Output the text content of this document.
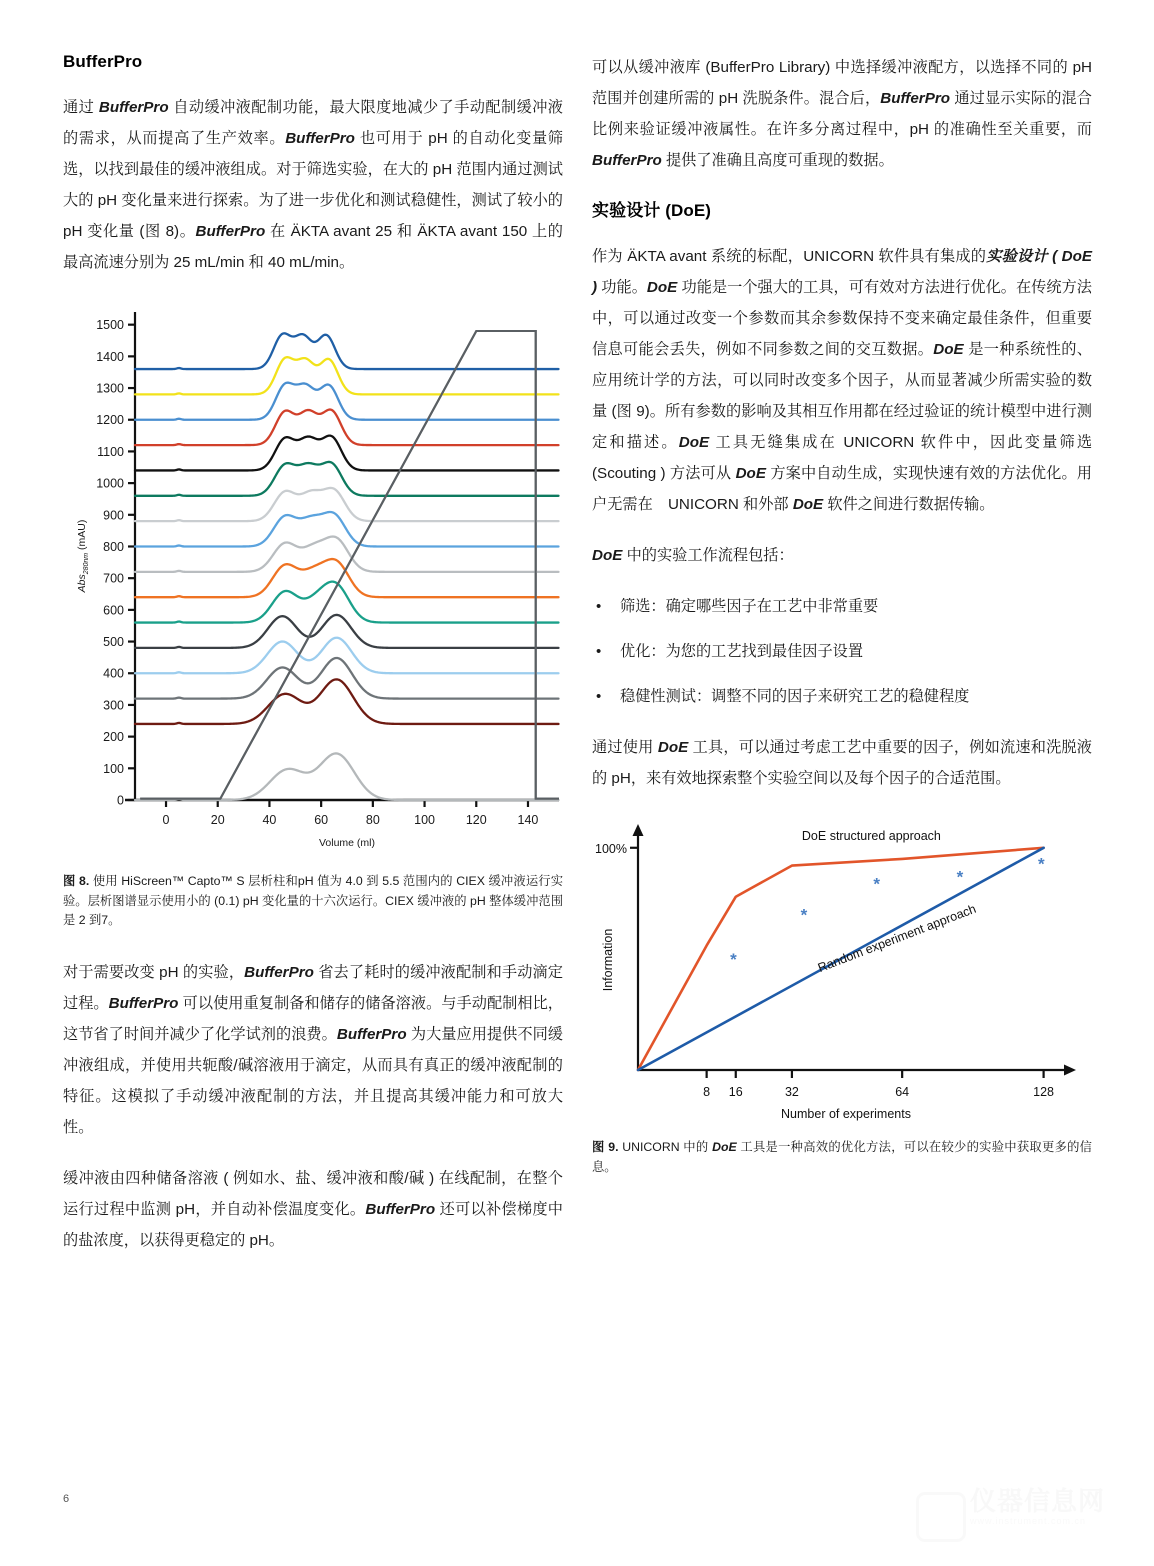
BufferPro

通过 BufferPro 自动缓冲液配制功能，最大限度地减少了手动配制缓冲液的需求，从而提高了生产效率。BufferPro 也可用于 pH 的自动化变量筛选，以找到最佳的缓冲液组成。对于筛选实验，在大的 pH 范围内通过测试大的 pH 变化量来进行探索。为了进一步优化和测试稳健性，测试了较小的 pH 变化量 (图 8)。BufferPro 在 ÄKTA avant 25 和 ÄKTA avant 150 上的最高流速分别为 25 mL/min 和 40 mL/min。

0
100
200
300
400
500
600
700
800
900
1000
1100
1200
1300
1400
1500
0	20	40	60	80	100 120 140
Volume (ml)
Abs$_{280nm}$ (mAU)

图 8. 使用 HiScreen™ Capto™ S 层析柱和pH 值为 4.0 到 5.5 范围内的 CIEX 缓冲液运行实验。层析图谱显示使用小的 (0.1) pH 变化量的十六次运行。CIEX 缓冲液的 pH 整体缓冲范围是 2 到7。

对于需要改变 pH 的实验，BufferPro 省去了耗时的缓冲液配制和手动滴定过程。BufferPro 可以使用重复制备和储存的储备溶液。与手动配制相比，这节省了时间并减少了化学试剂的浪费。BufferPro 为大量应用提供不同缓冲液组成，并使用共轭酸/碱溶液用于滴定，从而具有真正的缓冲液配制的特征。这模拟了手动缓冲液配制的方法，并且提高其缓冲能力和可放大性。

缓冲液由四种储备溶液 ( 例如水、盐、缓冲液和酸/碱 ) 在线配制，在整个运行过程中监测 pH，并自动补偿温度变化。BufferPro 还可以补偿梯度中的盐浓度，以获得更稳定的 pH。

可以从缓冲液库 (BufferPro Library) 中选择缓冲液配方，以选择不同的 pH 范围并创建所需的 pH 洗脱条件。混合后，BufferPro 通过显示实际的混合比例来验证缓冲液属性。在许多分离过程中，pH 的准确性至关重要，而 BufferPro 提供了准确且高度可重现的数据。

实验设计 (DoE)

作为 ÄKTA avant 系统的标配，UNICORN 软件具有集成的实验设计 ( DoE ) 功能。DoE 功能是一个强大的工具，可有效对方法进行优化。在传统方法中，可以通过改变一个参数而其余参数保持不变来确定最佳条件，但重要信息可能会丢失，例如不同参数之间的交互数据。DoE 是一种系统性的、应用统计学的方法，可以同时改变多个因子，从而显著减少所需实验的数量 (图 9)。所有参数的影响及其相互作用都在经过验证的统计模型中进行测定和描述。DoE 工具无缝集成在 UNICORN 软件中，因此变量筛选 (Scouting ) 方法可从 DoE 方案中自动生成，实现快速有效的方法优化。用户无需在　UNICORN 和外部 DoE 软件之间进行数据传输。

DoE 中的实验工作流程包括：

• 筛选：确定哪些因子在工艺中非常重要
• 优化：为您的工艺找到最佳因子设置
• 稳健性测试：调整不同的因子来研究工艺的稳健程度

通过使用 DoE 工具，可以通过考虑工艺中重要的因子，例如流速和洗脱液的 pH，来有效地探索整个实验空间以及每个因子的合适范围。

100%
8 16	32	64	128
*
*
*	*
*
DoE structured approach
Random experiment approach
Number of experiments
Information

图 9. UNICORN 中的 DoE 工具是一种高效的优化方法，可以在较少的实验中获取更多的信息。

6	仪器信息网
www.instrument.com.cn
